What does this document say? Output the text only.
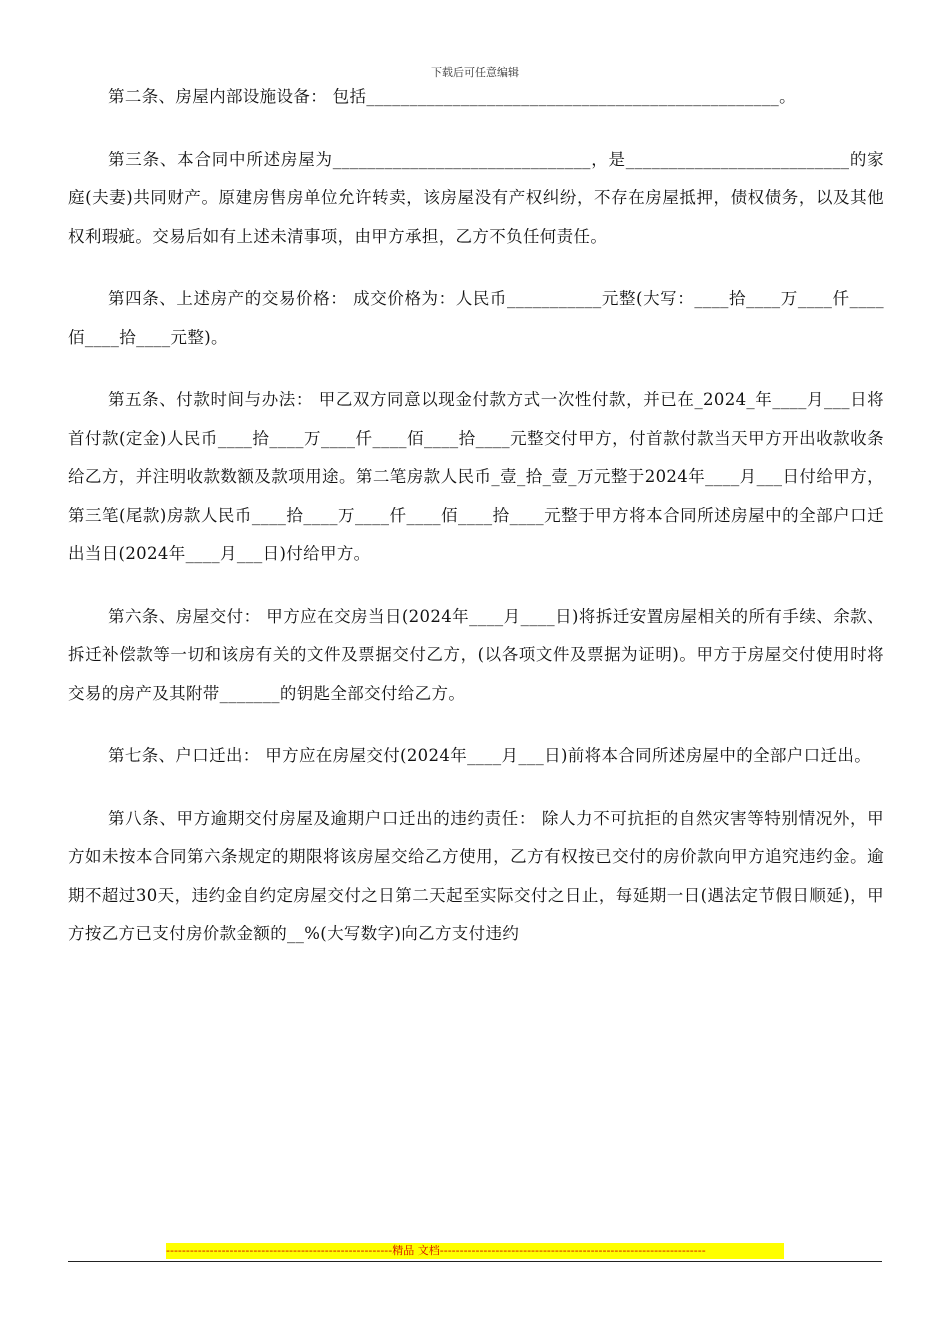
下载后可任意编辑

第二条、房屋内部设施设备： 包括________________________________________________。

第三条、本合同中所述房屋为______________________________，是__________________________的家庭(夫妻)共同财产。原建房售房单位允许转卖，该房屋没有产权纠纷，不存在房屋抵押，债权债务，以及其他权利瑕疵。交易后如有上述未清事项，由甲方承担，乙方不负任何责任。

第四条、上述房产的交易价格： 成交价格为：人民币___________元整(大写：____拾____万____仟____佰____拾____元整)。

第五条、付款时间与办法： 甲乙双方同意以现金付款方式一次性付款，并已在_2024_年____月___日将首付款(定金)人民币____拾____万____仟____佰____拾____元整交付甲方，付首款付款当天甲方开出收款收条给乙方，并注明收款数额及款项用途。第二笔房款人民币_壹_拾_壹_万元整于2024年____月___日付给甲方，第三笔(尾款)房款人民币____拾____万____仟____佰____拾____元整于甲方将本合同所述房屋中的全部户口迁出当日(2024年____月___日)付给甲方。

第六条、房屋交付： 甲方应在交房当日(2024年____月____日)将拆迁安置房屋相关的所有手续、余款、拆迁补偿款等一切和该房有关的文件及票据交付乙方，(以各项文件及票据为证明)。甲方于房屋交付使用时将交易的房产及其附带_______的钥匙全部交付给乙方。

第七条、户口迁出： 甲方应在房屋交付(2024年____月___日)前将本合同所述房屋中的全部户口迁出。

第八条、甲方逾期交付房屋及逾期户口迁出的违约责任： 除人力不可抗拒的自然灾害等特别情况外，甲方如未按本合同第六条规定的期限将该房屋交给乙方使用，乙方有权按已交付的房价款向甲方追究违约金。逾期不超过30天，违约金自约定房屋交付之日第二天起至实际交付之日止，每延期一日(遇法定节假日顺延)，甲方按乙方已支付房价款金额的__%(大写数字)向乙方支付违约

---------------------------------------------------------精品 文档-------------------------------------------------------------------
